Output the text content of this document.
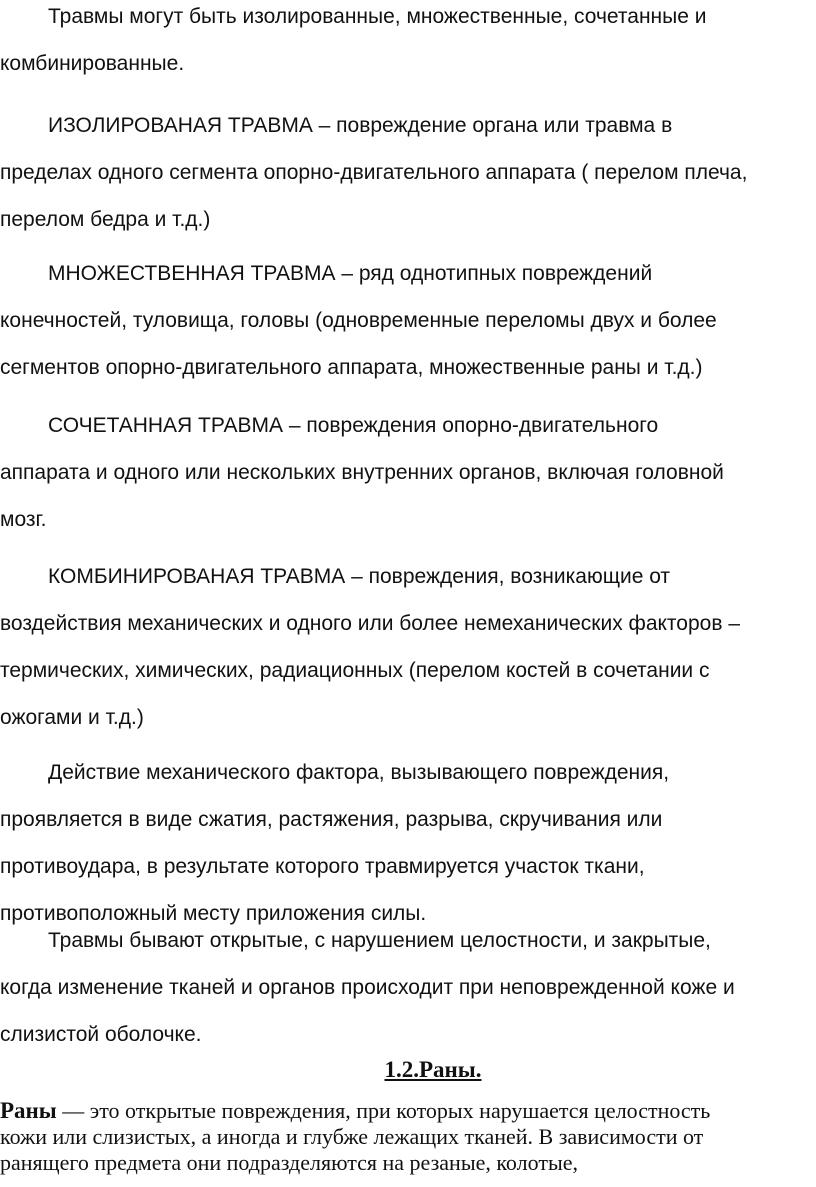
Травмы могут быть изолированные, множественные, сочетанные и
комбинированные.

ИЗОЛИРОВАНАЯ ТРАВМА – повреждение органа или травма в
пределах одного сегмента опорно-двигательного аппарата ( перелом плеча,
перелом бедра и т.д.)

МНОЖЕСТВЕННАЯ ТРАВМА – ряд однотипных повреждений
конечностей, туловища, головы (одновременные переломы двух и более
сегментов опорно-двигательного аппарата, множественные раны и т.д.)

СОЧЕТАННАЯ ТРАВМА – повреждения опорно-двигательного
аппарата и одного или нескольких внутренних органов, включая головной
мозг.

КОМБИНИРОВАНАЯ ТРАВМА – повреждения, возникающие от
воздействия механических и одного или более немеханических факторов –
термических, химических, радиационных (перелом костей в сочетании с
ожогами и т.д.)

Действие механического фактора, вызывающего повреждения,
проявляется в виде сжатия, растяжения, разрыва, скручивания или
противоудара, в результате которого травмируется участок ткани,
противоположный месту приложения силы.

Травмы бывают открытые, с нарушением целостности, и закрытые,
когда изменение тканей и органов происходит при неповрежденной коже и
слизистой оболочке.

1.2.Раны.

Раны — это открытые повреждения, при которых нарушается целостность
кожи или слизистых, а иногда и глубже лежащих тканей. В зависимости от
ранящего предмета они подразделяются на резаные, колотые,
